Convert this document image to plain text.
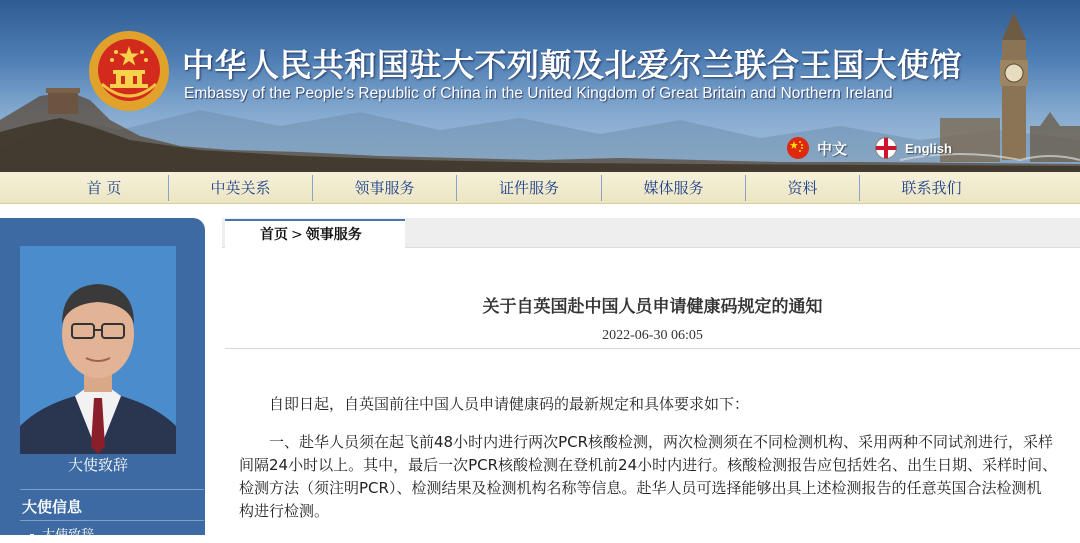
中华人民共和国驻大不列颠及北爱尔兰联合王国大使馆
Embassy of the People's Republic of China in the United Kingdom of Great Britain and Northern Ireland
中文	English
首 页	中英关系	领事服务	证件服务	媒体服务	资料	联系我们
大使致辞
大使信息
大使致辞
首页 > 领事服务
关于自英国赴中国人员申请健康码规定的通知
2022-06-30 06:05
自即日起，自英国前往中国人员申请健康码的最新规定和具体要求如下：
一、赴华人员须在起飞前48小时内进行两次PCR核酸检测，两次检测须在不同检测机构、采用两种不同试剂进行，采样
间隔24小时以上。其中，最后一次PCR核酸检测在登机前24小时内进行。核酸检测报告应包括姓名、出生日期、采样时间、
检测方法（须注明PCR）、检测结果及检测机构名称等信息。赴华人员可选择能够出具上述检测报告的任意英国合法检测机
构进行检测。
